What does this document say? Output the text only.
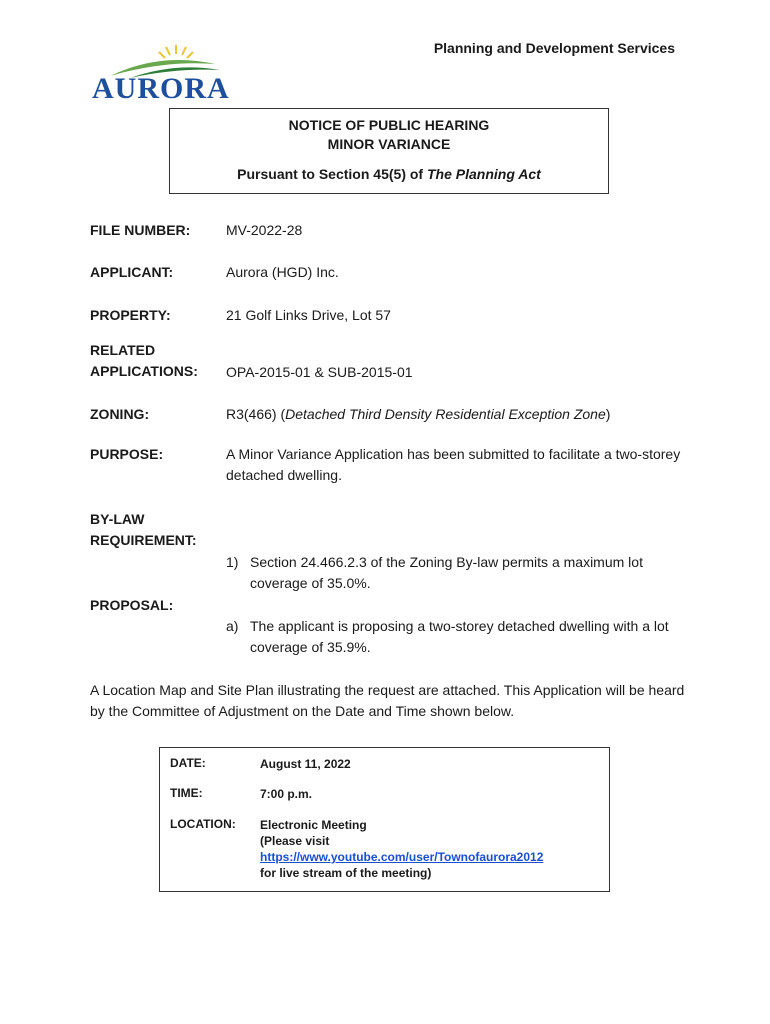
Planning and Development Services
AURORA
NOTICE OF PUBLIC HEARING
MINOR VARIANCE
Pursuant to Section 45(5) of The Planning Act
FILE NUMBER:	MV-2022-28
APPLICANT:	Aurora (HGD) Inc.
PROPERTY:	21 Golf Links Drive, Lot 57
RELATED
APPLICATIONS: OPA-2015-01 & SUB-2015-01
ZONING:	R3(466) (Detached Third Density Residential Exception Zone)
PURPOSE:	A Minor Variance Application has been submitted to facilitate a two-storey detached dwelling.
BY-LAW
REQUIREMENT:
1) Section 24.466.2.3 of the Zoning By-law permits a maximum lot coverage of 35.0%.
PROPOSAL:
a) The applicant is proposing a two-storey detached dwelling with a lot coverage of 35.9%.
A Location Map and Site Plan illustrating the request are attached. This Application will be heard by the Committee of Adjustment on the Date and Time shown below.
DATE:	August 11, 2022
TIME:	7:00 p.m.
LOCATION:	Electronic Meeting
(Please visit
https://www.youtube.com/user/Townofaurora2012
for live stream of the meeting)
